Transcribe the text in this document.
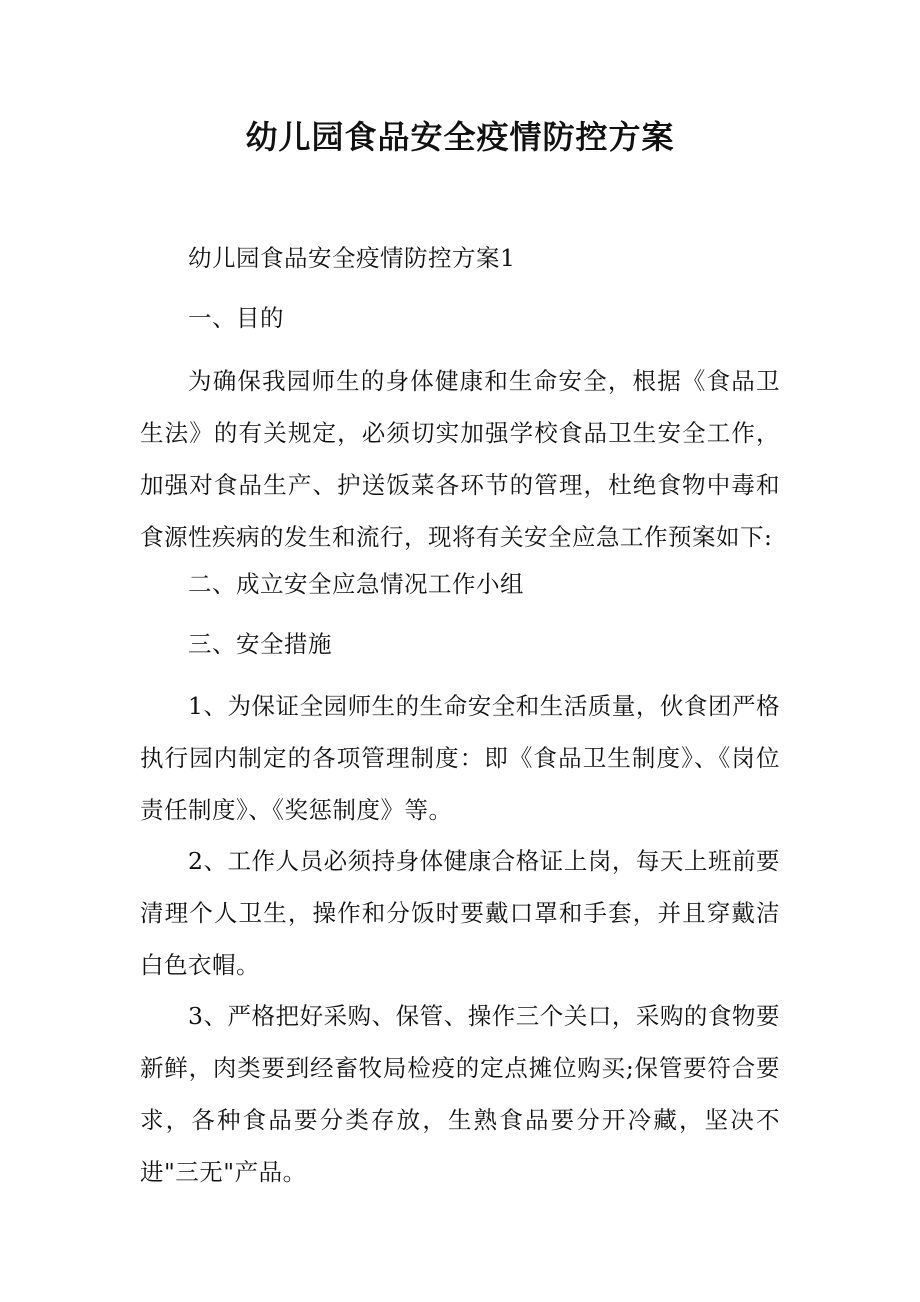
幼儿园食品安全疫情防控方案

幼儿园食品安全疫情防控方案1

一、目的

为确保我园师生的身体健康和生命安全，根据《食品卫生法》的有关规定，必须切实加强学校食品卫生安全工作，加强对食品生产、护送饭菜各环节的管理，杜绝食物中毒和食源性疾病的发生和流行，现将有关安全应急工作预案如下:

二、成立安全应急情况工作小组

三、安全措施

1、为保证全园师生的生命安全和生活质量，伙食团严格执行园内制定的各项管理制度：即《食品卫生制度》、《岗位责任制度》、《奖惩制度》等。

2、工作人员必须持身体健康合格证上岗，每天上班前要清理个人卫生，操作和分饭时要戴口罩和手套，并且穿戴洁白色衣帽。

3、严格把好采购、保管、操作三个关口，采购的食物要新鲜，肉类要到经畜牧局检疫的定点摊位购买;保管要符合要求，各种食品要分类存放，生熟食品要分开冷藏，坚决不进"三无"产品。
